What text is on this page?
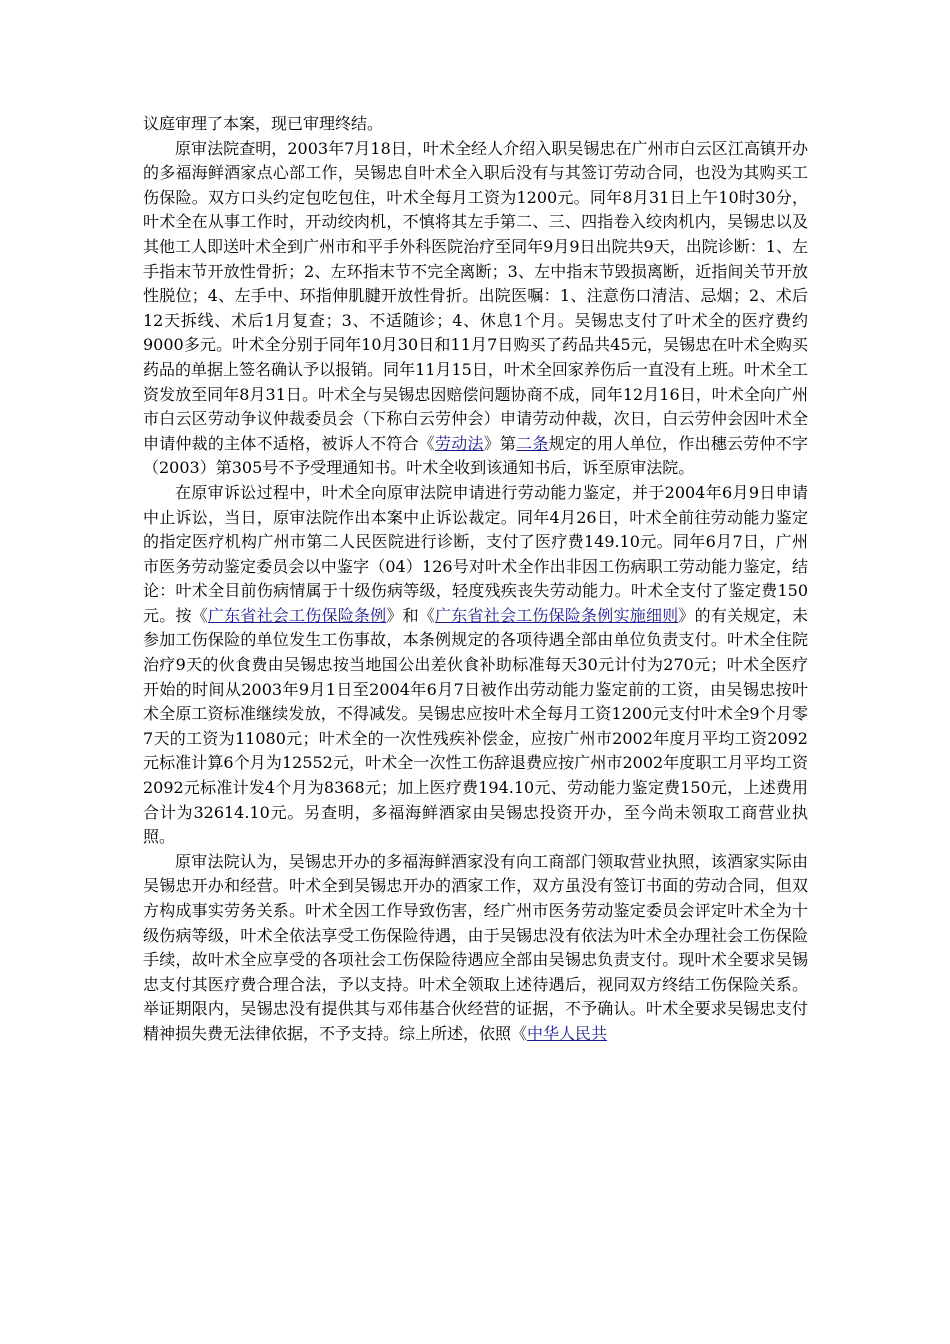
议庭审理了本案，现已审理终结。

原审法院查明，2003年7月18日，叶术全经人介绍入职吴锡忠在广州市白云区江高镇开办的多福海鲜酒家点心部工作，吴锡忠自叶术全入职后没有与其签订劳动合同，也没为其购买工伤保险。双方口头约定包吃包住，叶术全每月工资为1200元。同年8月31日上午10时30分，叶术全在从事工作时，开动绞肉机，不慎将其左手第二、三、四指卷入绞肉机内，吴锡忠以及其他工人即送叶术全到广州市和平手外科医院治疗至同年9月9日出院共9天，出院诊断：1、左手指末节开放性骨折；2、左环指末节不完全离断；3、左中指末节毁损离断，近指间关节开放性脱位；4、左手中、环指伸肌腱开放性骨折。出院医嘱：1、注意伤口清洁、忌烟；2、术后12天拆线、术后1月复查；3、不适随诊；4、休息1个月。吴锡忠支付了叶术全的医疗费约9000多元。叶术全分别于同年10月30日和11月7日购买了药品共45元，吴锡忠在叶术全购买药品的单据上签名确认予以报销。同年11月15日，叶术全回家养伤后一直没有上班。叶术全工资发放至同年8月31日。叶术全与吴锡忠因赔偿问题协商不成，同年12月16日，叶术全向广州市白云区劳动争议仲裁委员会（下称白云劳仲会）申请劳动仲裁，次日，白云劳仲会因叶术全申请仲裁的主体不适格，被诉人不符合《劳动法》第二条规定的用人单位，作出穗云劳仲不字（2003）第305号不予受理通知书。叶术全收到该通知书后，诉至原审法院。

在原审诉讼过程中，叶术全向原审法院申请进行劳动能力鉴定，并于2004年6月9日申请中止诉讼，当日，原审法院作出本案中止诉讼裁定。同年4月26日，叶术全前往劳动能力鉴定的指定医疗机构广州市第二人民医院进行诊断，支付了医疗费149.10元。同年6月7日，广州市医务劳动鉴定委员会以中鉴字（04）126号对叶术全作出非因工伤病职工劳动能力鉴定，结论：叶术全目前伤病情属于十级伤病等级，轻度残疾丧失劳动能力。叶术全支付了鉴定费150元。按《广东省社会工伤保险条例》和《广东省社会工伤保险条例实施细则》的有关规定，未参加工伤保险的单位发生工伤事故，本条例规定的各项待遇全部由单位负责支付。叶术全住院治疗9天的伙食费由吴锡忠按当地国公出差伙食补助标准每天30元计付为270元；叶术全医疗开始的时间从2003年9月1日至2004年6月7日被作出劳动能力鉴定前的工资，由吴锡忠按叶术全原工资标准继续发放，不得减发。吴锡忠应按叶术全每月工资1200元支付叶术全9个月零7天的工资为11080元；叶术全的一次性残疾补偿金，应按广州市2002年度月平均工资2092元标准计算6个月为12552元，叶术全一次性工伤辞退费应按广州市2002年度职工月平均工资2092元标准计发4个月为8368元；加上医疗费194.10元、劳动能力鉴定费150元，上述费用合计为32614.10元。另查明，多福海鲜酒家由吴锡忠投资开办，至今尚未领取工商营业执照。

原审法院认为，吴锡忠开办的多福海鲜酒家没有向工商部门领取营业执照，该酒家实际由吴锡忠开办和经营。叶术全到吴锡忠开办的酒家工作，双方虽没有签订书面的劳动合同，但双方构成事实劳务关系。叶术全因工作导致伤害，经广州市医务劳动鉴定委员会评定叶术全为十级伤病等级，叶术全依法享受工伤保险待遇，由于吴锡忠没有依法为叶术全办理社会工伤保险手续，故叶术全应享受的各项社会工伤保险待遇应全部由吴锡忠负责支付。现叶术全要求吴锡忠支付其医疗费合理合法，予以支持。叶术全领取上述待遇后，视同双方终结工伤保险关系。举证期限内，吴锡忠没有提供其与邓伟基合伙经营的证据，不予确认。叶术全要求吴锡忠支付精神损失费无法律依据，不予支持。综上所述，依照《中华人民共
